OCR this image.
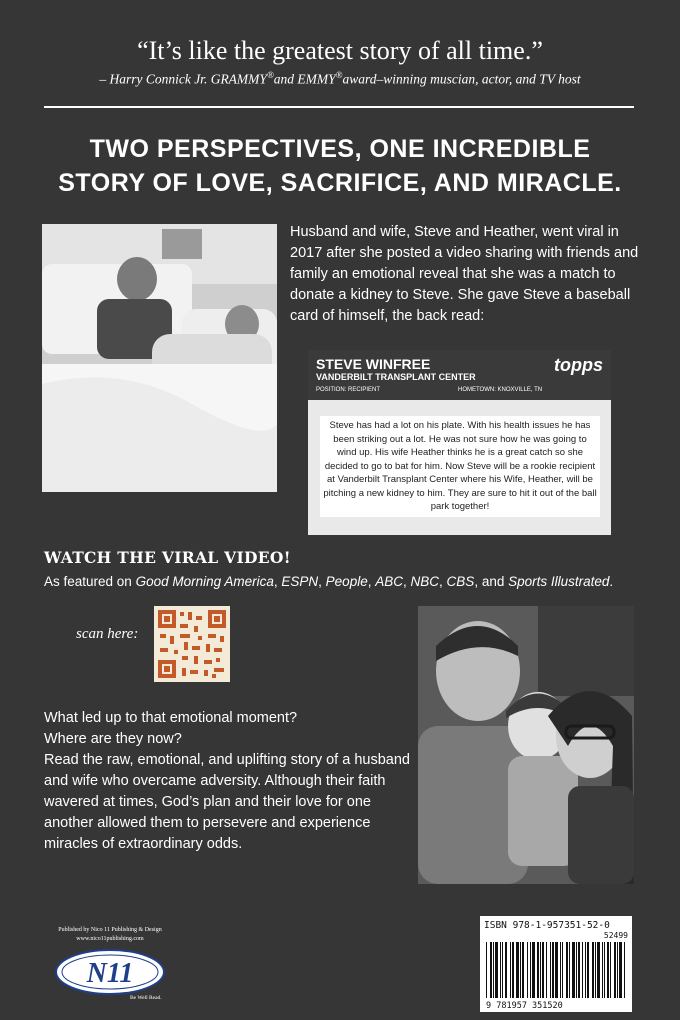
“It’s like the greatest story of all time.”
– Harry Connick Jr. GRAMMY®and EMMY®award–winning muscian, actor, and TV host
TWO PERSPECTIVES, ONE INCREDIBLE
STORY OF LOVE, SACRIFICE, AND MIRACLE.
Husband and wife, Steve and Heather, went viral in 2017 after she posted a video sharing with friends and family an emotional reveal that she was a match to donate a kidney to Steve. She gave Steve a baseball card of himself, the back read:
STEVE WINFREE
VANDERBILT TRANSPLANT CENTER
topps
POSITION: RECIPIENT	HOMETOWN: KNOXVILLE, TN
Steve has had a lot on his plate. With his health issues he has been striking out a lot. He was not sure how he was going to wind up. His wife Heather thinks he is a great catch so she decided to go to bat for him. Now Steve will be a rookie recipient at Vanderbilt Transplant Center where his Wife, Heather, will be pitching a new kidney to him. They are sure to hit it out of the ball park together!
WATCH THE VIRAL VIDEO!
As featured on Good Morning America, ESPN, People, ABC, NBC, CBS, and Sports Illustrated.
scan here:

What led up to that emotional moment?

Where are they now?

Read the raw, emotional, and uplifting story of a husband and wife who overcame adversity. Although their faith wavered at times, God’s plan and their love for one another allowed them to persevere and experience miracles of extraordinary odds.

Published by Nico 11 Publishing & Design
www.nico11publishing.com
N11
Be Well Read.
ISBN 978-1-957351-52-0
52499
9 781957 351520
